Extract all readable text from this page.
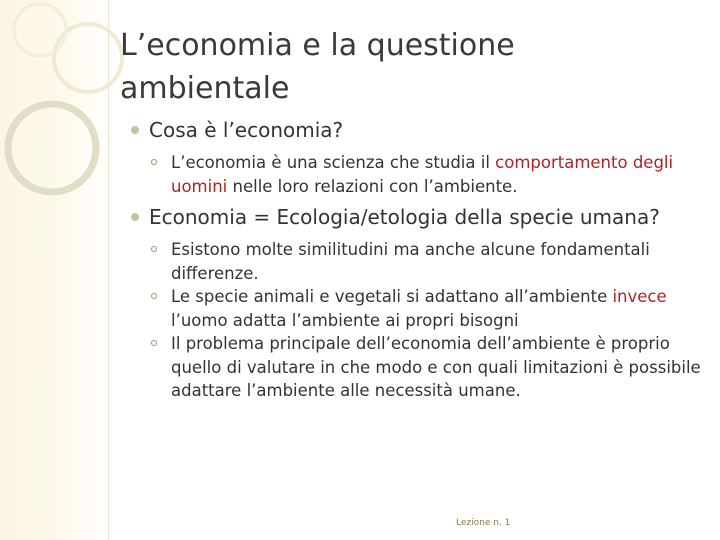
L’economia e la questione
ambientale
Cosa è l’economia?
L’economia è una scienza che studia il comportamento degli uomini nelle loro relazioni con l’ambiente.
Economia = Ecologia/etologia della specie umana?
Esistono molte similitudini ma anche alcune fondamentali differenze.
Le specie animali e vegetali si adattano all’ambiente invece l’uomo adatta l’ambiente ai propri bisogni
Il problema principale dell’economia dell’ambiente è proprio quello di valutare in che modo e con quali limitazioni è possibile adattare l’ambiente alle necessità umane.
Lezione n. 1
